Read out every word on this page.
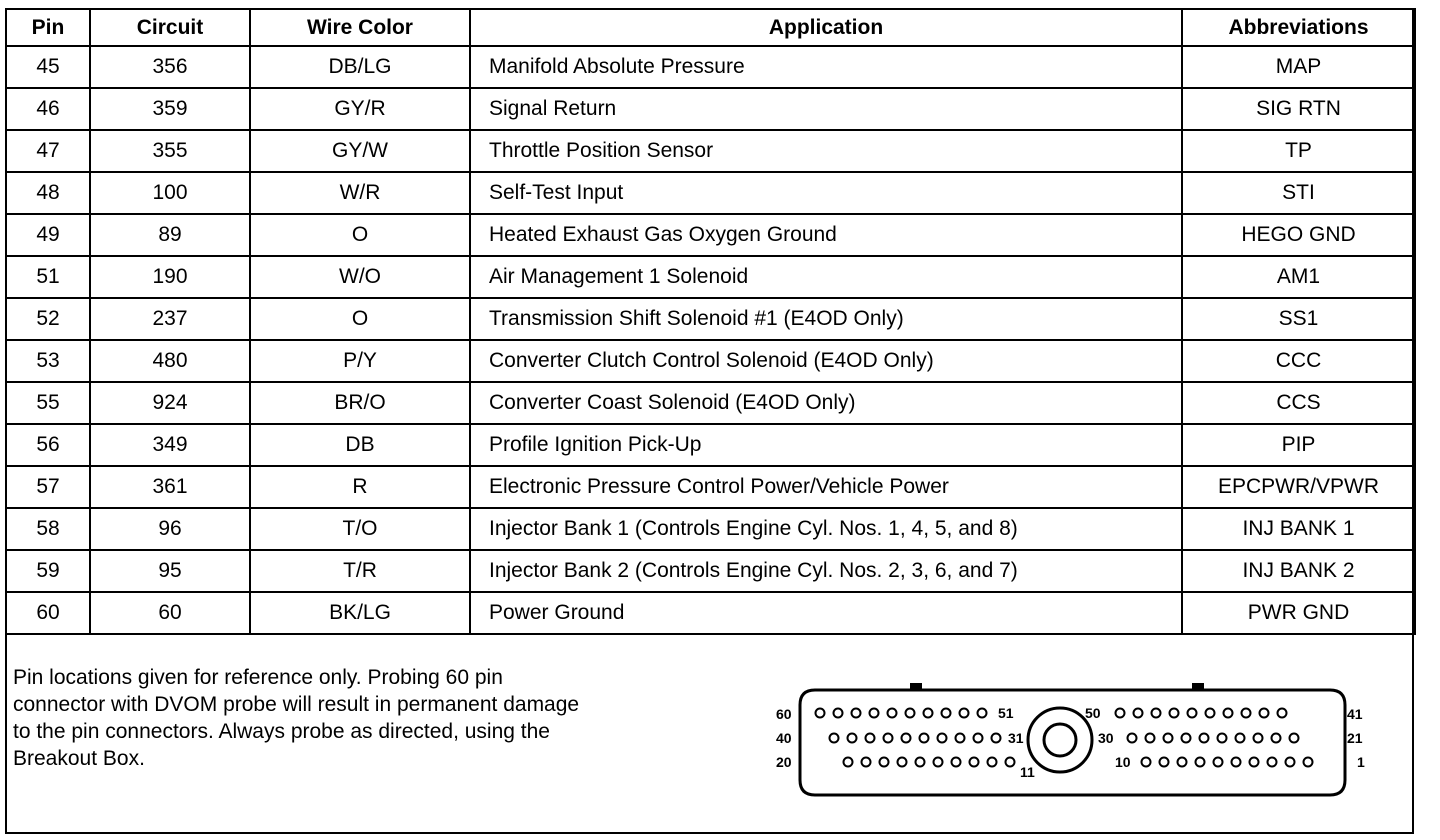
Pin	Circuit	Wire Color	Application	Abbreviations
45	356	DB/LG	Manifold Absolute Pressure	MAP
46	359	GY/R	Signal Return	SIG RTN
47	355	GY/W	Throttle Position Sensor	TP
48	100	W/R	Self-Test Input	STI
49	89	O	Heated Exhaust Gas Oxygen Ground	HEGO GND
51	190	W/O	Air Management 1 Solenoid	AM1
52	237	O	Transmission Shift Solenoid #1 (E4OD Only)	SS1
53	480	P/Y	Converter Clutch Control Solenoid (E4OD Only)	CCC
55	924	BR/O	Converter Coast Solenoid (E4OD Only)	CCS
56	349	DB	Profile Ignition Pick-Up	PIP
57	361	R	Electronic Pressure Control Power/Vehicle Power	EPCPWR/VPWR
58	96	T/O	Injector Bank 1 (Controls Engine Cyl. Nos. 1, 4, 5, and 8)	INJ BANK 1
59	95	T/R	Injector Bank 2 (Controls Engine Cyl. Nos. 2, 3, 6, and 7)	INJ BANK 2
60	60	BK/LG	Power Ground	PWR GND
Pin locations given for reference only. Probing 60 pin
connector with DVOM probe will result in permanent damage
to the pin connectors. Always probe as directed, using the
Breakout Box.
60
40
20
41
21
1
51
31
11
50
30
10
